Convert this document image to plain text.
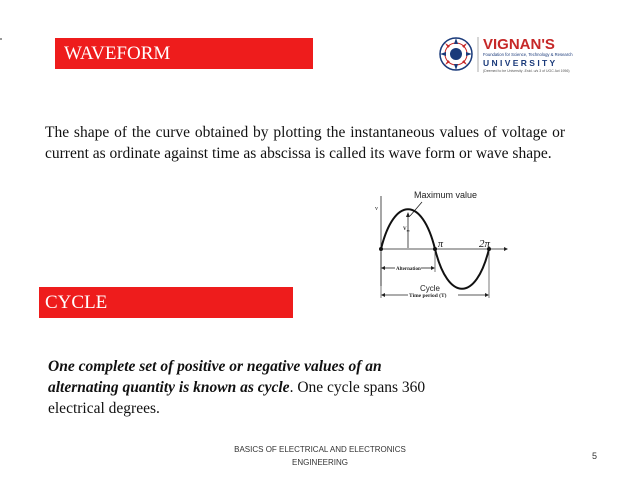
WAVEFORM	VIGNAN'S
Foundation for Science, Technology & Research
U N I V E R S I T Y
(Deemed to be University -Estd. u/s 3 of UGC Act 1956)
The shape of the curve obtained by plotting the instantaneous values of voltage or current as ordinate against time as abscissa is called its wave form or wave shape.
Maximum value
v
$V_m$
π	2π
Alternation
Cycle
Time period (T)
CYCLE
One complete set of positive or negative values of an alternating quantity is known as cycle. One cycle spans 360 electrical degrees.
BASICS OF ELECTRICAL AND ELECTRONICS
ENGINEERING
5
